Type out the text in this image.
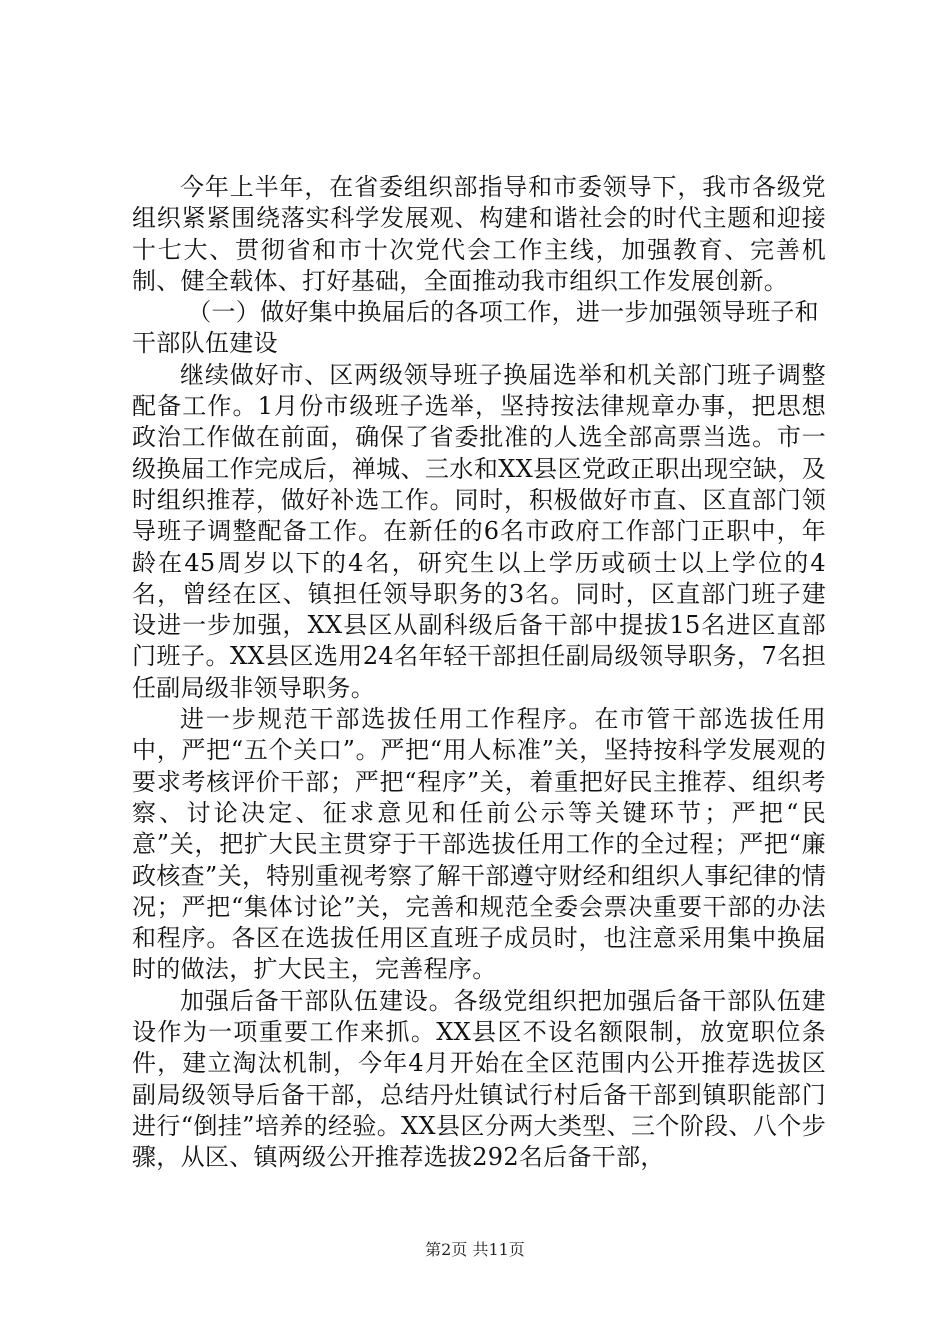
今年上半年，在省委组织部指导和市委领导下，我市各级党组织紧紧围绕落实科学发展观、构建和谐社会的时代主题和迎接十七大、贯彻省和市十次党代会工作主线，加强教育、完善机制、健全载体、打好基础，全面推动我市组织工作发展创新。

（一）做好集中换届后的各项工作，进一步加强领导班子和干部队伍建设

继续做好市、区两级领导班子换届选举和机关部门班子调整配备工作。1月份市级班子选举，坚持按法律规章办事，把思想政治工作做在前面，确保了省委批准的人选全部高票当选。市一级换届工作完成后，禅城、三水和XX县区党政正职出现空缺，及时组织推荐，做好补选工作。同时，积极做好市直、区直部门领导班子调整配备工作。在新任的6名市政府工作部门正职中，年龄在45周岁以下的4名，研究生以上学历或硕士以上学位的4名，曾经在区、镇担任领导职务的3名。同时，区直部门班子建设进一步加强，XX县区从副科级后备干部中提拔15名进区直部门班子。XX县区选用24名年轻干部担任副局级领导职务，7名担任副局级非领导职务。

进一步规范干部选拔任用工作程序。在市管干部选拔任用中，严把“五个关口”。严把“用人标准”关，坚持按科学发展观的要求考核评价干部；严把“程序”关，着重把好民主推荐、组织考察、讨论决定、征求意见和任前公示等关键环节；严把“民意”关，把扩大民主贯穿于干部选拔任用工作的全过程；严把“廉政核查”关，特别重视考察了解干部遵守财经和组织人事纪律的情况；严把“集体讨论”关，完善和规范全委会票决重要干部的办法和程序。各区在选拔任用区直班子成员时，也注意采用集中换届时的做法，扩大民主，完善程序。

加强后备干部队伍建设。各级党组织把加强后备干部队伍建设作为一项重要工作来抓。XX县区不设名额限制，放宽职位条件，建立淘汰机制，今年4月开始在全区范围内公开推荐选拔区副局级领导后备干部，总结丹灶镇试行村后备干部到镇职能部门进行“倒挂”培养的经验。XX县区分两大类型、三个阶段、八个步骤，从区、镇两级公开推荐选拔292名后备干部，

第2页 共11页
